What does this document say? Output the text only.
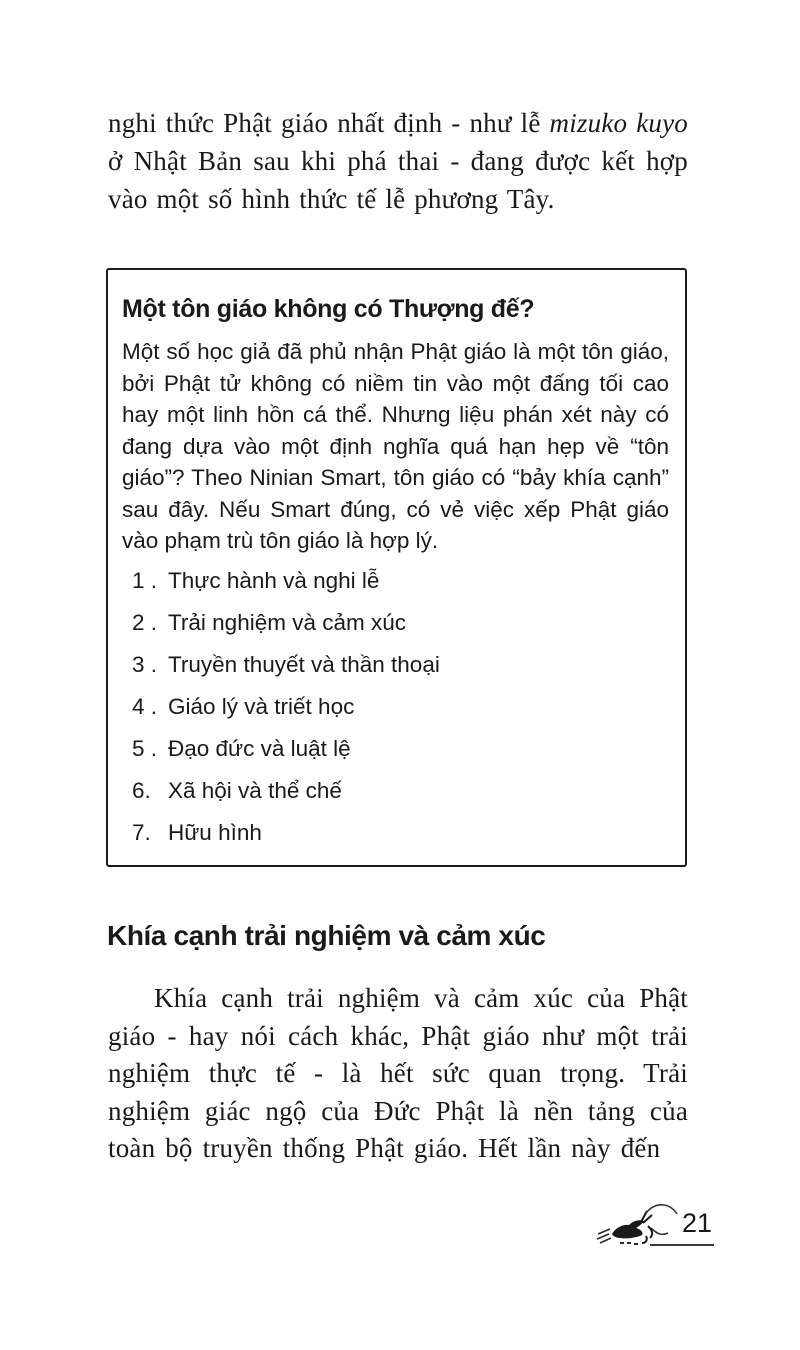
nghi thức Phật giáo nhất định - như lễ mizuko kuyo ở Nhật Bản sau khi phá thai - đang được kết hợp vào một số hình thức tế lễ phương Tây.

Một tôn giáo không có Thượng đế?

Một số học giả đã phủ nhận Phật giáo là một tôn giáo, bởi Phật tử không có niềm tin vào một đấng tối cao hay một linh hồn cá thể. Nhưng liệu phán xét này có đang dựa vào một định nghĩa quá hạn hẹp về “tôn giáo”? Theo Ninian Smart, tôn giáo có “bảy khía cạnh” sau đây. Nếu Smart đúng, có vẻ việc xếp Phật giáo vào phạm trù tôn giáo là hợp lý.

1 . Thực hành và nghi lễ
2 . Trải nghiệm và cảm xúc
3 . Truyền thuyết và thần thoại
4 . Giáo lý và triết học
5 . Đạo đức và luật lệ
6. Xã hội và thể chế
7. Hữu hình
Khía cạnh trải nghiệm và cảm xúc

Khía cạnh trải nghiệm và cảm xúc của Phật giáo - hay nói cách khác, Phật giáo như một trải nghiệm thực tế - là hết sức quan trọng. Trải nghiệm giác ngộ của Đức Phật là nền tảng của toàn bộ truyền thống Phật giáo. Hết lần này đến

21
